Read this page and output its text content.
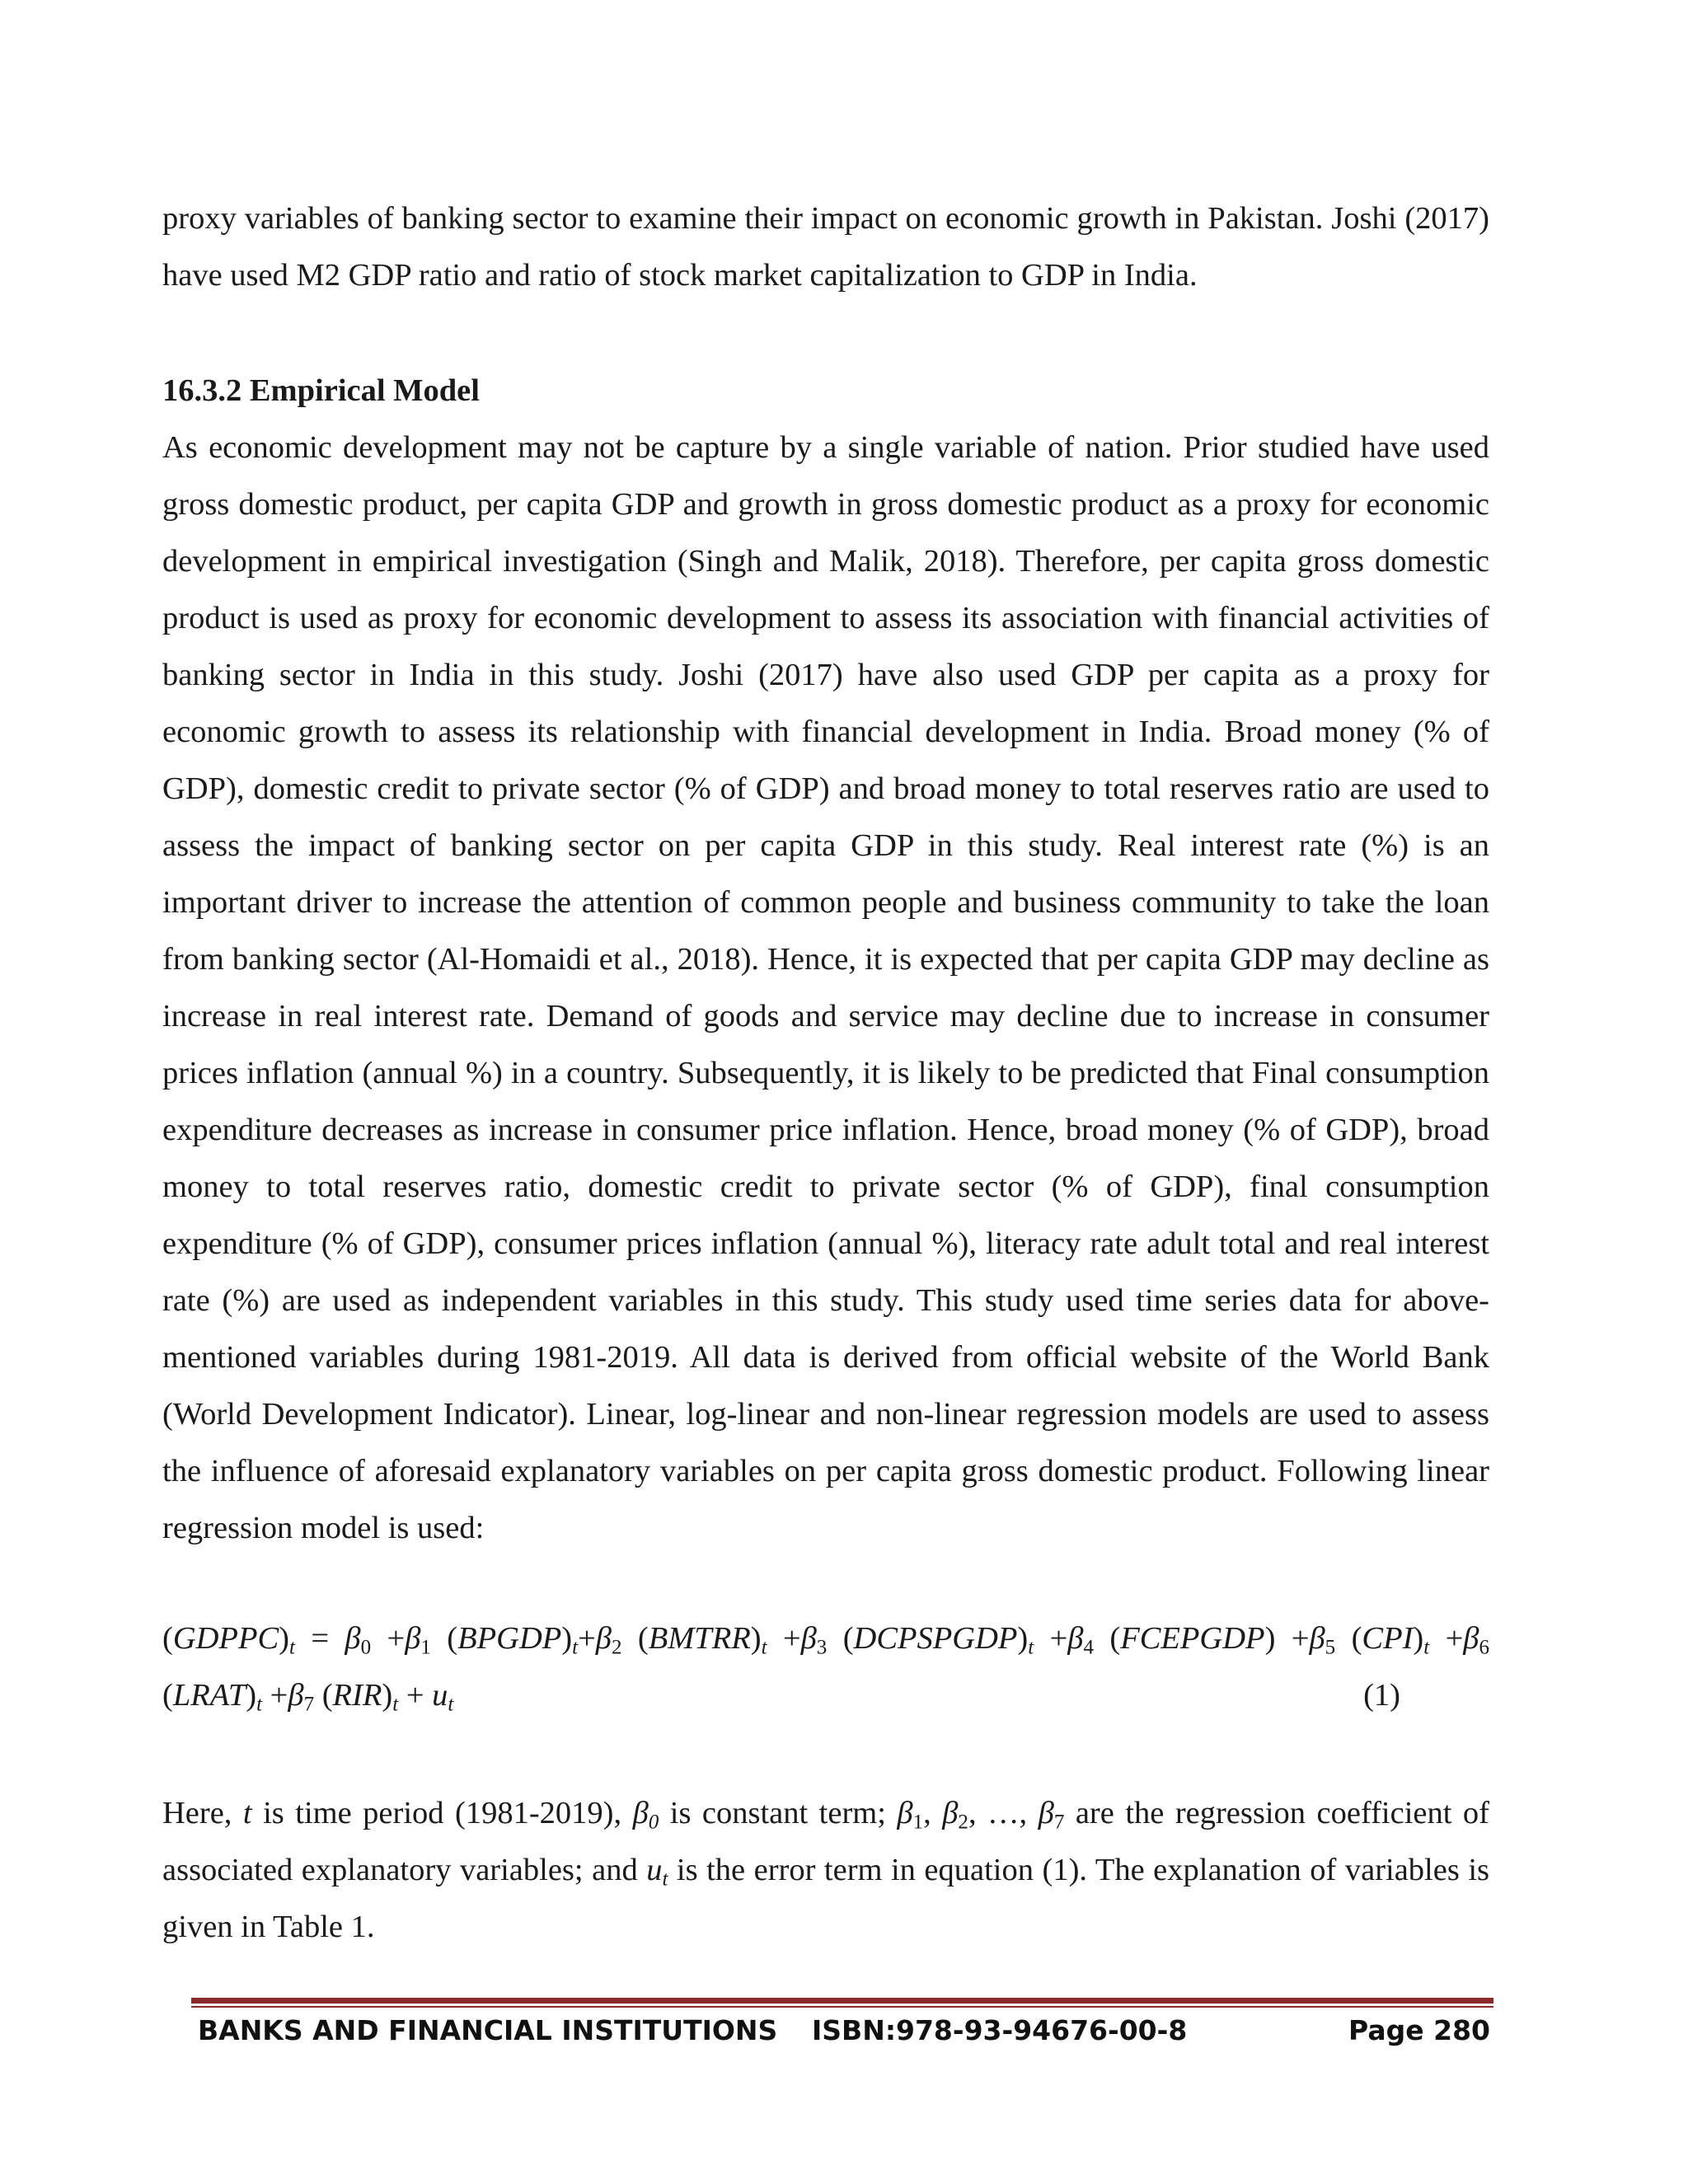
proxy variables of banking sector to examine their impact on economic growth in Pakistan. Joshi (2017) have used M2 GDP ratio and ratio of stock market capitalization to GDP in India.

16.3.2 Empirical Model

As economic development may not be capture by a single variable of nation. Prior studied have used gross domestic product, per capita GDP and growth in gross domestic product as a proxy for economic development in empirical investigation (Singh and Malik, 2018). Therefore, per capita gross domestic product is used as proxy for economic development to assess its association with financial activities of banking sector in India in this study. Joshi (2017) have also used GDP per capita as a proxy for economic growth to assess its relationship with financial development in India. Broad money (% of GDP), domestic credit to private sector (% of GDP) and broad money to total reserves ratio are used to assess the impact of banking sector on per capita GDP in this study. Real interest rate (%) is an important driver to increase the attention of common people and business community to take the loan from banking sector (Al-Homaidi et al., 2018). Hence, it is expected that per capita GDP may decline as increase in real interest rate. Demand of goods and service may decline due to increase in consumer prices inflation (annual %) in a country. Subsequently, it is likely to be predicted that Final consumption expenditure decreases as increase in consumer price inflation. Hence, broad money (% of GDP), broad money to total reserves ratio, domestic credit to private sector (% of GDP), final consumption expenditure (% of GDP), consumer prices inflation (annual %), literacy rate adult total and real interest rate (%) are used as independent variables in this study. This study used time series data for above-mentioned variables during 1981-2019. All data is derived from official website of the World Bank (World Development Indicator). Linear, log-linear and non-linear regression models are used to assess the influence of aforesaid explanatory variables on per capita gross domestic product. Following linear regression model is used:

$(GDPPC)_t = \beta_0 +\beta_1$ $(BPGDP)_t+\beta_2$ $(BMTRR)_t +\beta_3$ $(DCPSPGDP)_t +\beta_4$ (FCEPGDP) $+\beta_5$ $(CPI)_t +\beta_6$
$(LRAT)_t +\beta_7$ $(RIR)_t + u_t$	(1)

Here, t is time period (1981-2019), $\beta_0$ is constant term; $\beta_1$, $\beta_2$, …, $\beta_7$ are the regression coefficient of associated explanatory variables; and $u_t$ is the error term in equation (1). The explanation of variables is given in Table 1.

BANKS AND FINANCIAL INSTITUTIONS ISBN:978-93-94676-00-8	Page 280
